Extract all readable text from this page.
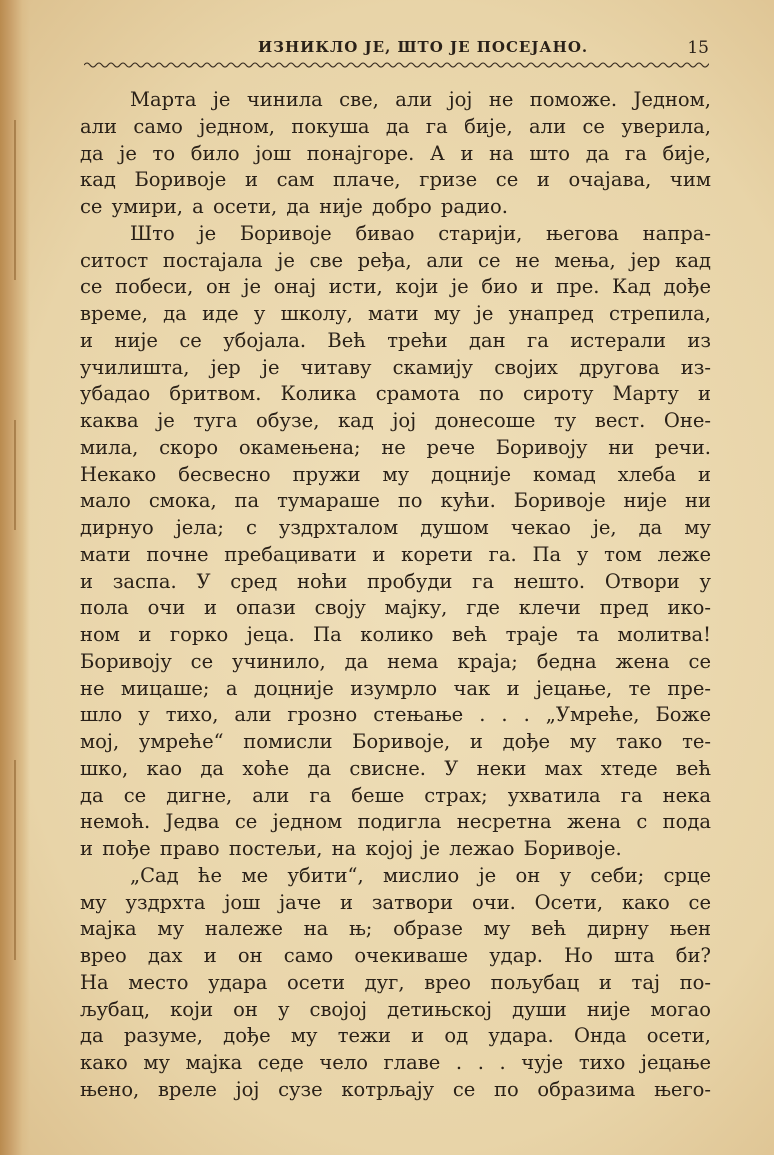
ИЗНИКЛО ЈЕ, ШТО ЈЕ ПОСЕЈАНО.	15
Марта је чинила све, али јој не поможе. Једном,
али само једном, покуша да га бије, али се уверила,
да је то било још понајгоре. А и на што да га бије,
кад Боривоје и сам плаче, гризе се и очајава, чим
се умири, а осети, да није добро радио.
Што је Боривоје бивао старији, његова напра-
ситост постајала је све ређа, али се не мења, јер кад
се побеси, он је онај исти, који је био и пре. Кад дође
време, да иде у школу, мати му је унапред стрепила,
и није се убојала. Већ трећи дан га истерали из
училишта, јер је читаву скамију својих другова из-
убадао бритвом. Колика срамота по сироту Марту и
каква је туга обузе, кад јој донесоше ту вест. Оне-
мила, скоро окамењена; не рече Боривоју ни речи.
Некако бесвесно пружи му доцније комад хлеба и
мало смока, па тумараше по кући. Боривоје није ни
дирнуо јела; с уздрхталом душом чекао је, да му
мати почне пребацивати и корети га. Па у том леже
и заспа. У сред ноћи пробуди га нешто. Отвори у
пола очи и опази своју мајку, где клечи пред ико-
ном и горко јеца. Па колико већ траје та молитва!
Боривоју се учинило, да нема краја; бедна жена се
не мицаше; а доцније изумрло чак и јецање, те пре-
шло у тихо, али грозно стењање . . . „Умреће, Боже
мој, умреће“ помисли Боривоје, и дође му тако те-
шко, као да хоће да свисне. У неки мах хтеде већ
да се дигне, али га беше страх; ухватила га нека
немоћ. Једва се једном подигла несретна жена с пода
и пође право постељи, на којој је лежао Боривоје.
„Сад ће ме убити“, мислио је он у себи; срце
му уздрхта још јаче и затвори очи. Осети, како се
мајка му належе на њ; образе му већ дирну њен
врео дах и он само очекиваше удар. Но шта би?
На место удара осети дуг, врео пољубац и тај по-
љубац, који он у својој детињској души није могао
да разуме, дође му тежи и од удара. Онда осети,
како му мајка седе чело главе . . . чује тихо јецање
њено, вреле јој сузе котрљају се по образима њего-
